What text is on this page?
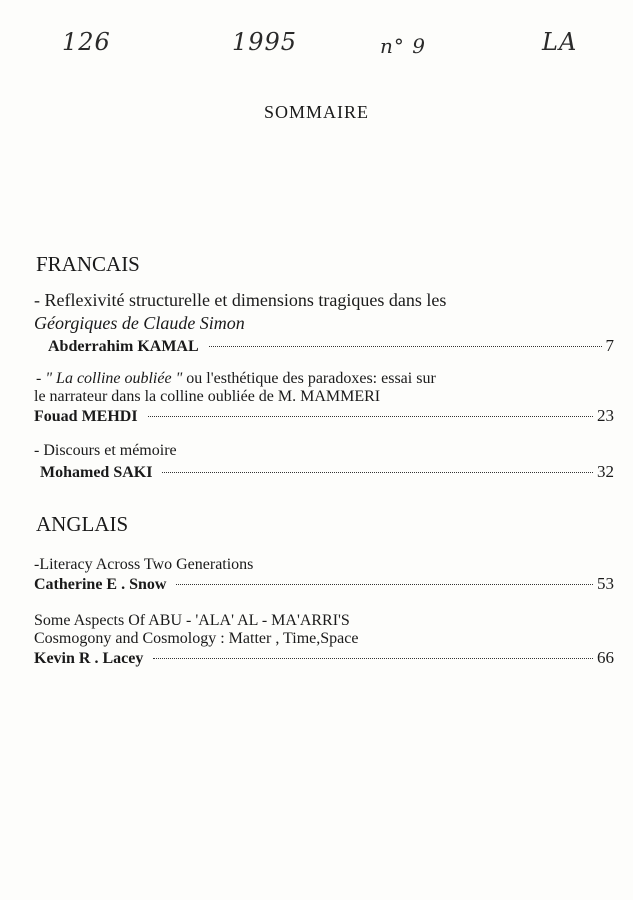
126	1995	n° 9	LA
SOMMAIRE
FRANCAIS
- Reflexivité structurelle et dimensions tragiques dans les
Géorgiques de Claude Simon
Abderrahim KAMAL	7
- " La colline oubliée " ou l'esthétique des paradoxes: essai sur
le narrateur dans la colline oubliée de M. MAMMERI
Fouad MEHDI	23
- Discours et mémoire
Mohamed SAKI	32
ANGLAIS
-Literacy Across Two Generations
Catherine E . Snow	53
Some Aspects Of ABU - 'ALA' AL - MA'ARRI'S
Cosmogony and Cosmology : Matter , Time,Space
Kevin R . Lacey	66
